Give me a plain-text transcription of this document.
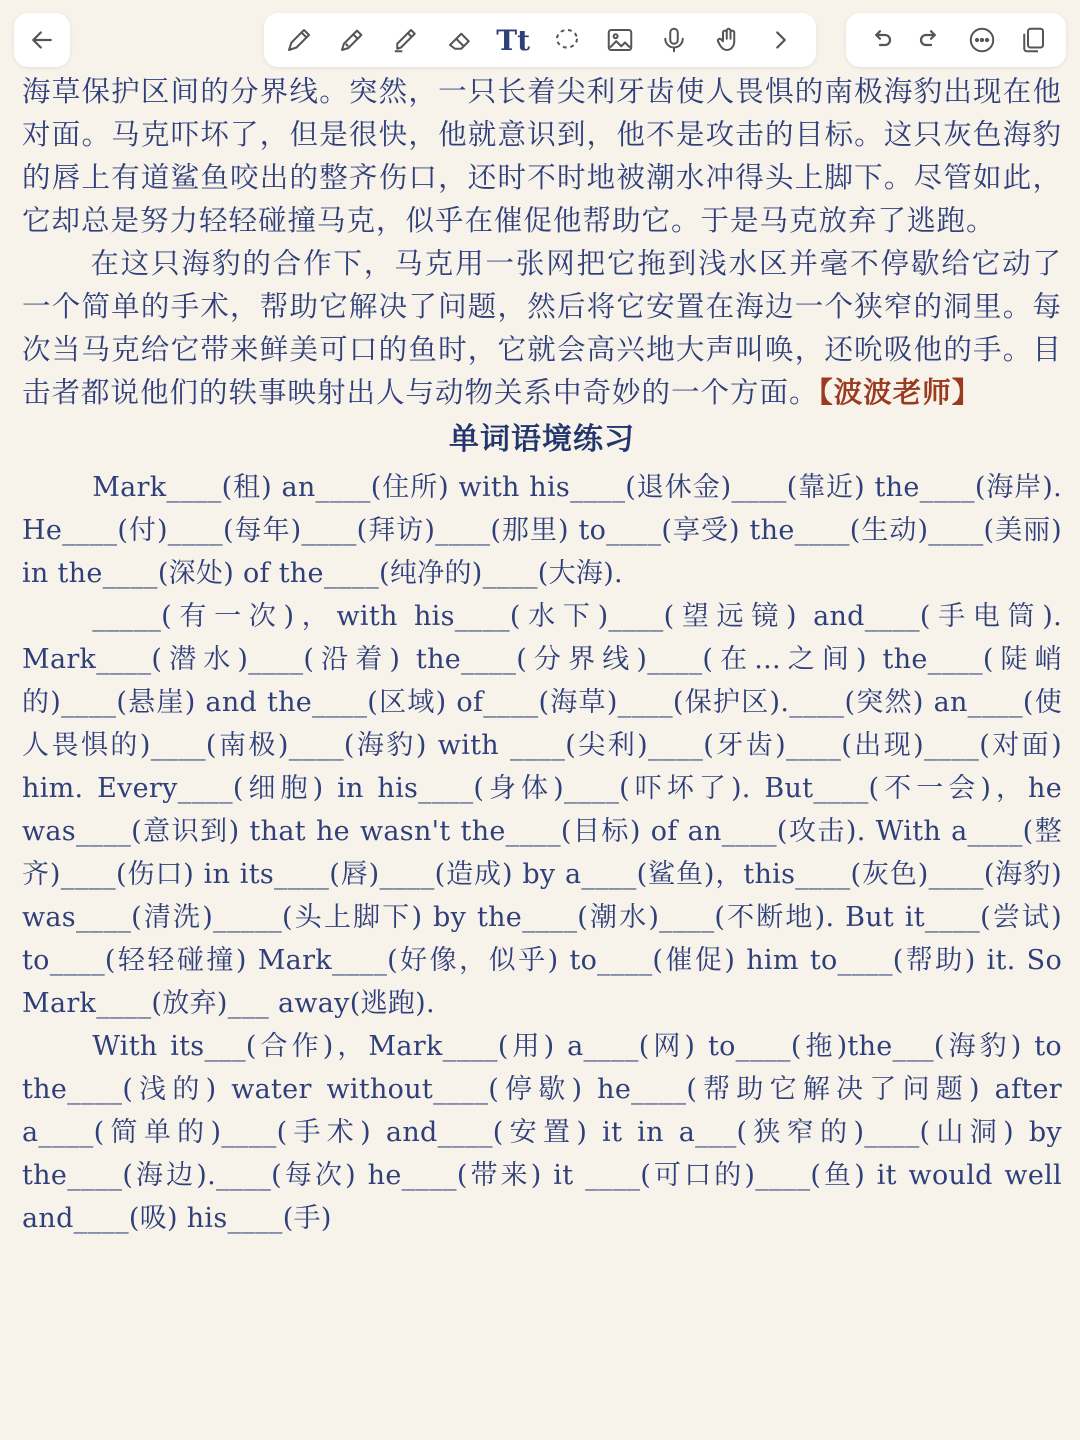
Tt

海草保护区间的分界线。突然，一只长着尖利牙齿使人畏惧的南极海豹出现在他对面。马克吓坏了，但是很快，他就意识到，他不是攻击的目标。这只灰色海豹的唇上有道鲨鱼咬出的整齐伤口，还时不时地被潮水冲得头上脚下。尽管如此，它却总是努力轻轻碰撞马克，似乎在催促他帮助它。于是马克放弃了逃跑。

在这只海豹的合作下，马克用一张网把它拖到浅水区并毫不停歇给它动了一个简单的手术，帮助它解决了问题，然后将它安置在海边一个狭窄的洞里。每次当马克给它带来鲜美可口的鱼时，它就会高兴地大声叫唤，还吮吸他的手。目击者都说他们的轶事映射出人与动物关系中奇妙的一个方面。【波波老师】

单词语境练习

Mark____(租) an____(住所) with his____(退休金)____(靠近) the____(海岸). He____(付)____(每年)____(拜访)____(那里) to____(享受) the____(生动)____(美丽) in the____(深处) of the____(纯净的)____(大海).

_____(有一次)，with his____(水下)____(望远镜) and____(手电筒). Mark____(潜水)____(沿着) the____(分界线)____(在...之间) the____(陡峭的)____(悬崖) and the____(区域) of____(海草)____(保护区).____(突然) an____(使人畏惧的)____(南极)____(海豹) with ____(尖利)____(牙齿)____(出现)____(对面) him. Every____(细胞) in his____(身体)____(吓坏了). But____(不一会)，he was____(意识到) that he wasn't the____(目标) of an____(攻击). With a____(整齐)____(伤口) in its____(唇)____(造成) by a____(鲨鱼)，this____(灰色)____(海豹) was____(清洗)_____(头上脚下) by the____(潮水)____(不断地). But it____(尝试) to____(轻轻碰撞) Mark____(好像，似乎) to____(催促) him to____(帮助) it. So Mark____(放弃)___ away(逃跑).

With its___(合作)，Mark____(用) a____(网) to____(拖)the___(海豹) to the____(浅的) water without____(停歇) he____(帮助它解决了问题) after a____(简单的)____(手术) and____(安置) it in a___(狭窄的)____(山洞) by the____(海边).____(每次) he____(带来) it ____(可口的)____(鱼) it would well and____(吸) his____(手)
